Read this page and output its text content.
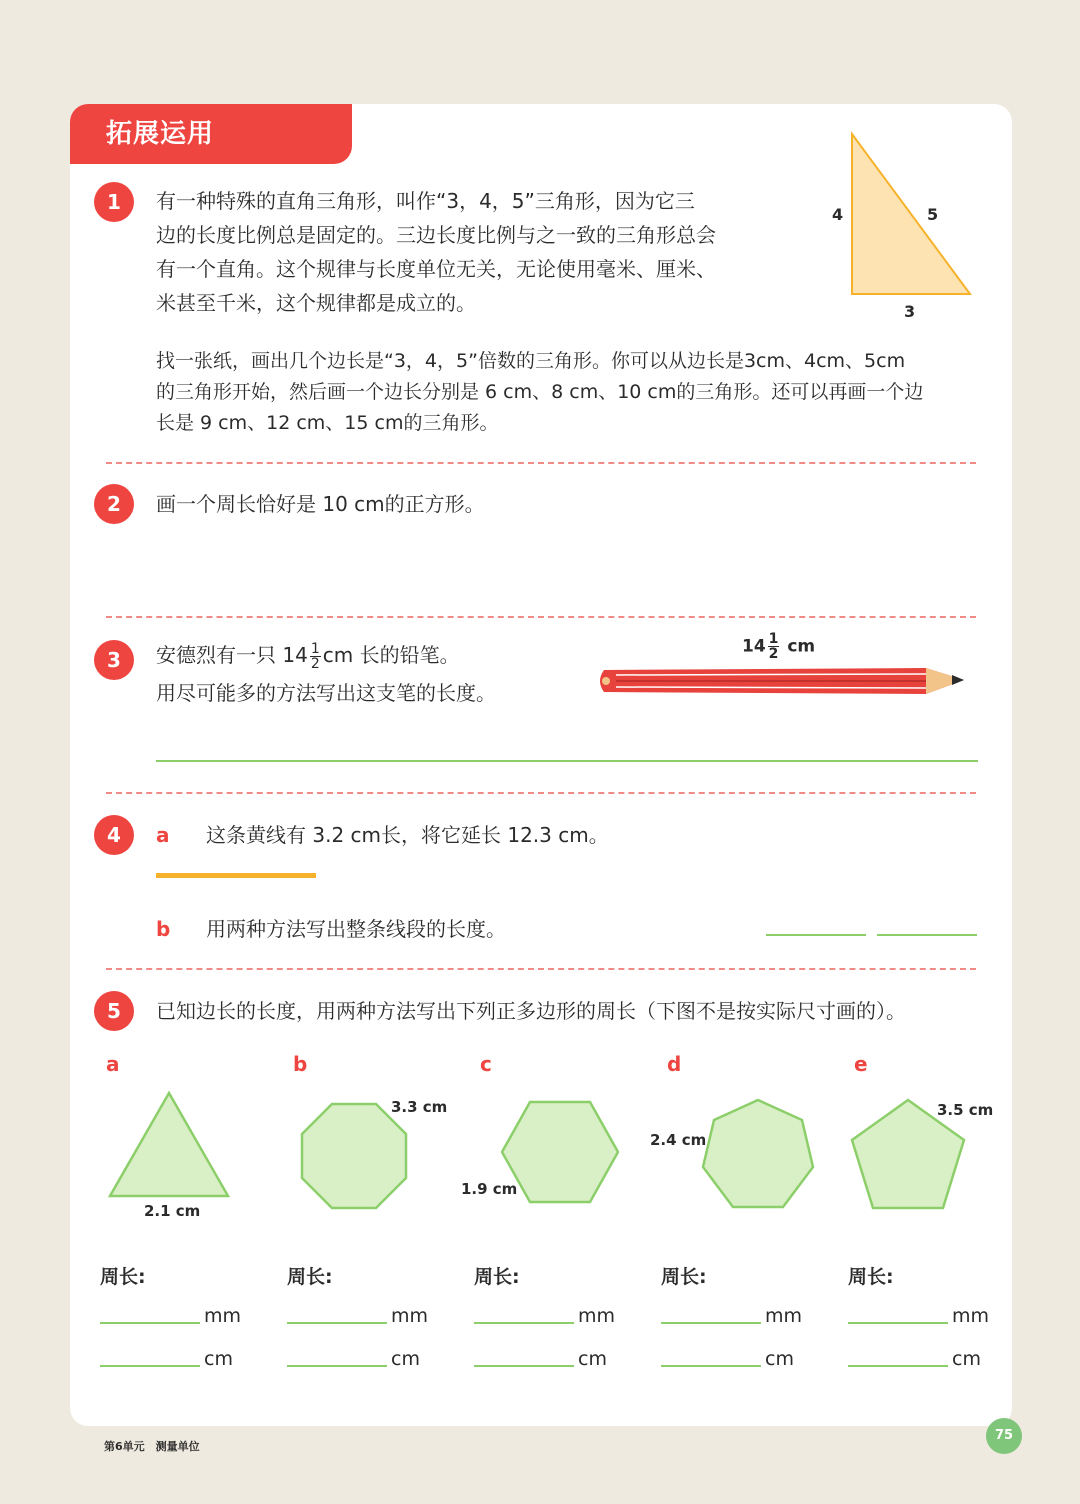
拓展运用
1	有一种特殊的直角三角形，叫作“3，4，5”三角形，因为它三
边的长度比例总是固定的。三边长度比例与之一致的三角形总会
有一个直角。这个规律与长度单位无关，无论使用毫米、厘米、
米甚至千米，这个规律都是成立的。
4	5
3
找一张纸，画出几个边长是“3，4，5”倍数的三角形。你可以从边长是3cm、4cm、5cm
的三角形开始，然后画一个边长分别是 6 cm、8 cm、10 cm的三角形。还可以再画一个边
长是 9 cm、12 cm、15 cm的三角形。
2	画一个周长恰好是 10 cm的正方形。
3	安德烈有一只 $14 \frac{1}{2}$ cm 长的铅笔。
用尽可能多的方法写出这支笔的长度。
$14 \frac{1}{2}$ cm
4	a 这条黄线有 3.2 cm长，将它延长 12.3 cm。
b 用两种方法写出整条线段的长度。
5	已知边长的长度，用两种方法写出下列正多边形的周长（下图不是按实际尺寸画的）。
a	b	c	d	e
2.1 cm
3.3 cm
1.9 cm
2.4 cm
3.5 cm
周长:	周长:	周长:	周长:	周长:
mm	mm	mm	mm	mm
cm	cm	cm	cm	cm
第6单元　测量单位
75
